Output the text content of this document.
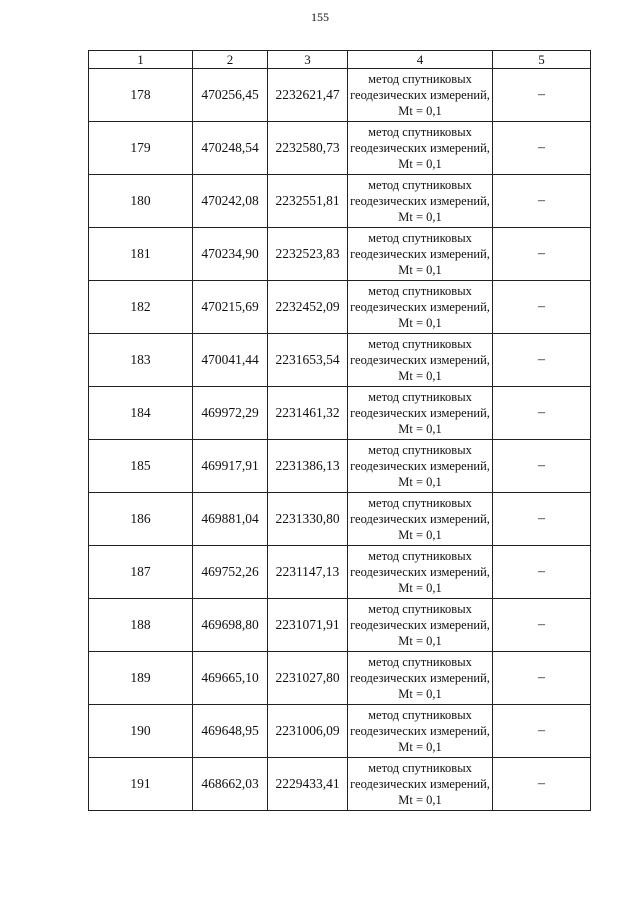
155
1	2	3	4	5
178	470256,45	2232621,47	метод спутниковых геодезических измерений, Mt = 0,1	–
179	470248,54	2232580,73	метод спутниковых геодезических измерений, Mt = 0,1	–
180	470242,08	2232551,81	метод спутниковых геодезических измерений, Mt = 0,1	–
181	470234,90	2232523,83	метод спутниковых геодезических измерений, Mt = 0,1	–
182	470215,69	2232452,09	метод спутниковых геодезических измерений, Mt = 0,1	–
183	470041,44	2231653,54	метод спутниковых геодезических измерений, Mt = 0,1	–
184	469972,29	2231461,32	метод спутниковых геодезических измерений, Mt = 0,1	–
185	469917,91	2231386,13	метод спутниковых геодезических измерений, Mt = 0,1	–
186	469881,04	2231330,80	метод спутниковых геодезических измерений, Mt = 0,1	–
187	469752,26	2231147,13	метод спутниковых геодезических измерений, Mt = 0,1	–
188	469698,80	2231071,91	метод спутниковых геодезических измерений, Mt = 0,1	–
189	469665,10	2231027,80	метод спутниковых геодезических измерений, Mt = 0,1	–
190	469648,95	2231006,09	метод спутниковых геодезических измерений, Mt = 0,1	–
191	468662,03	2229433,41	метод спутниковых геодезических измерений, Mt = 0,1	–
